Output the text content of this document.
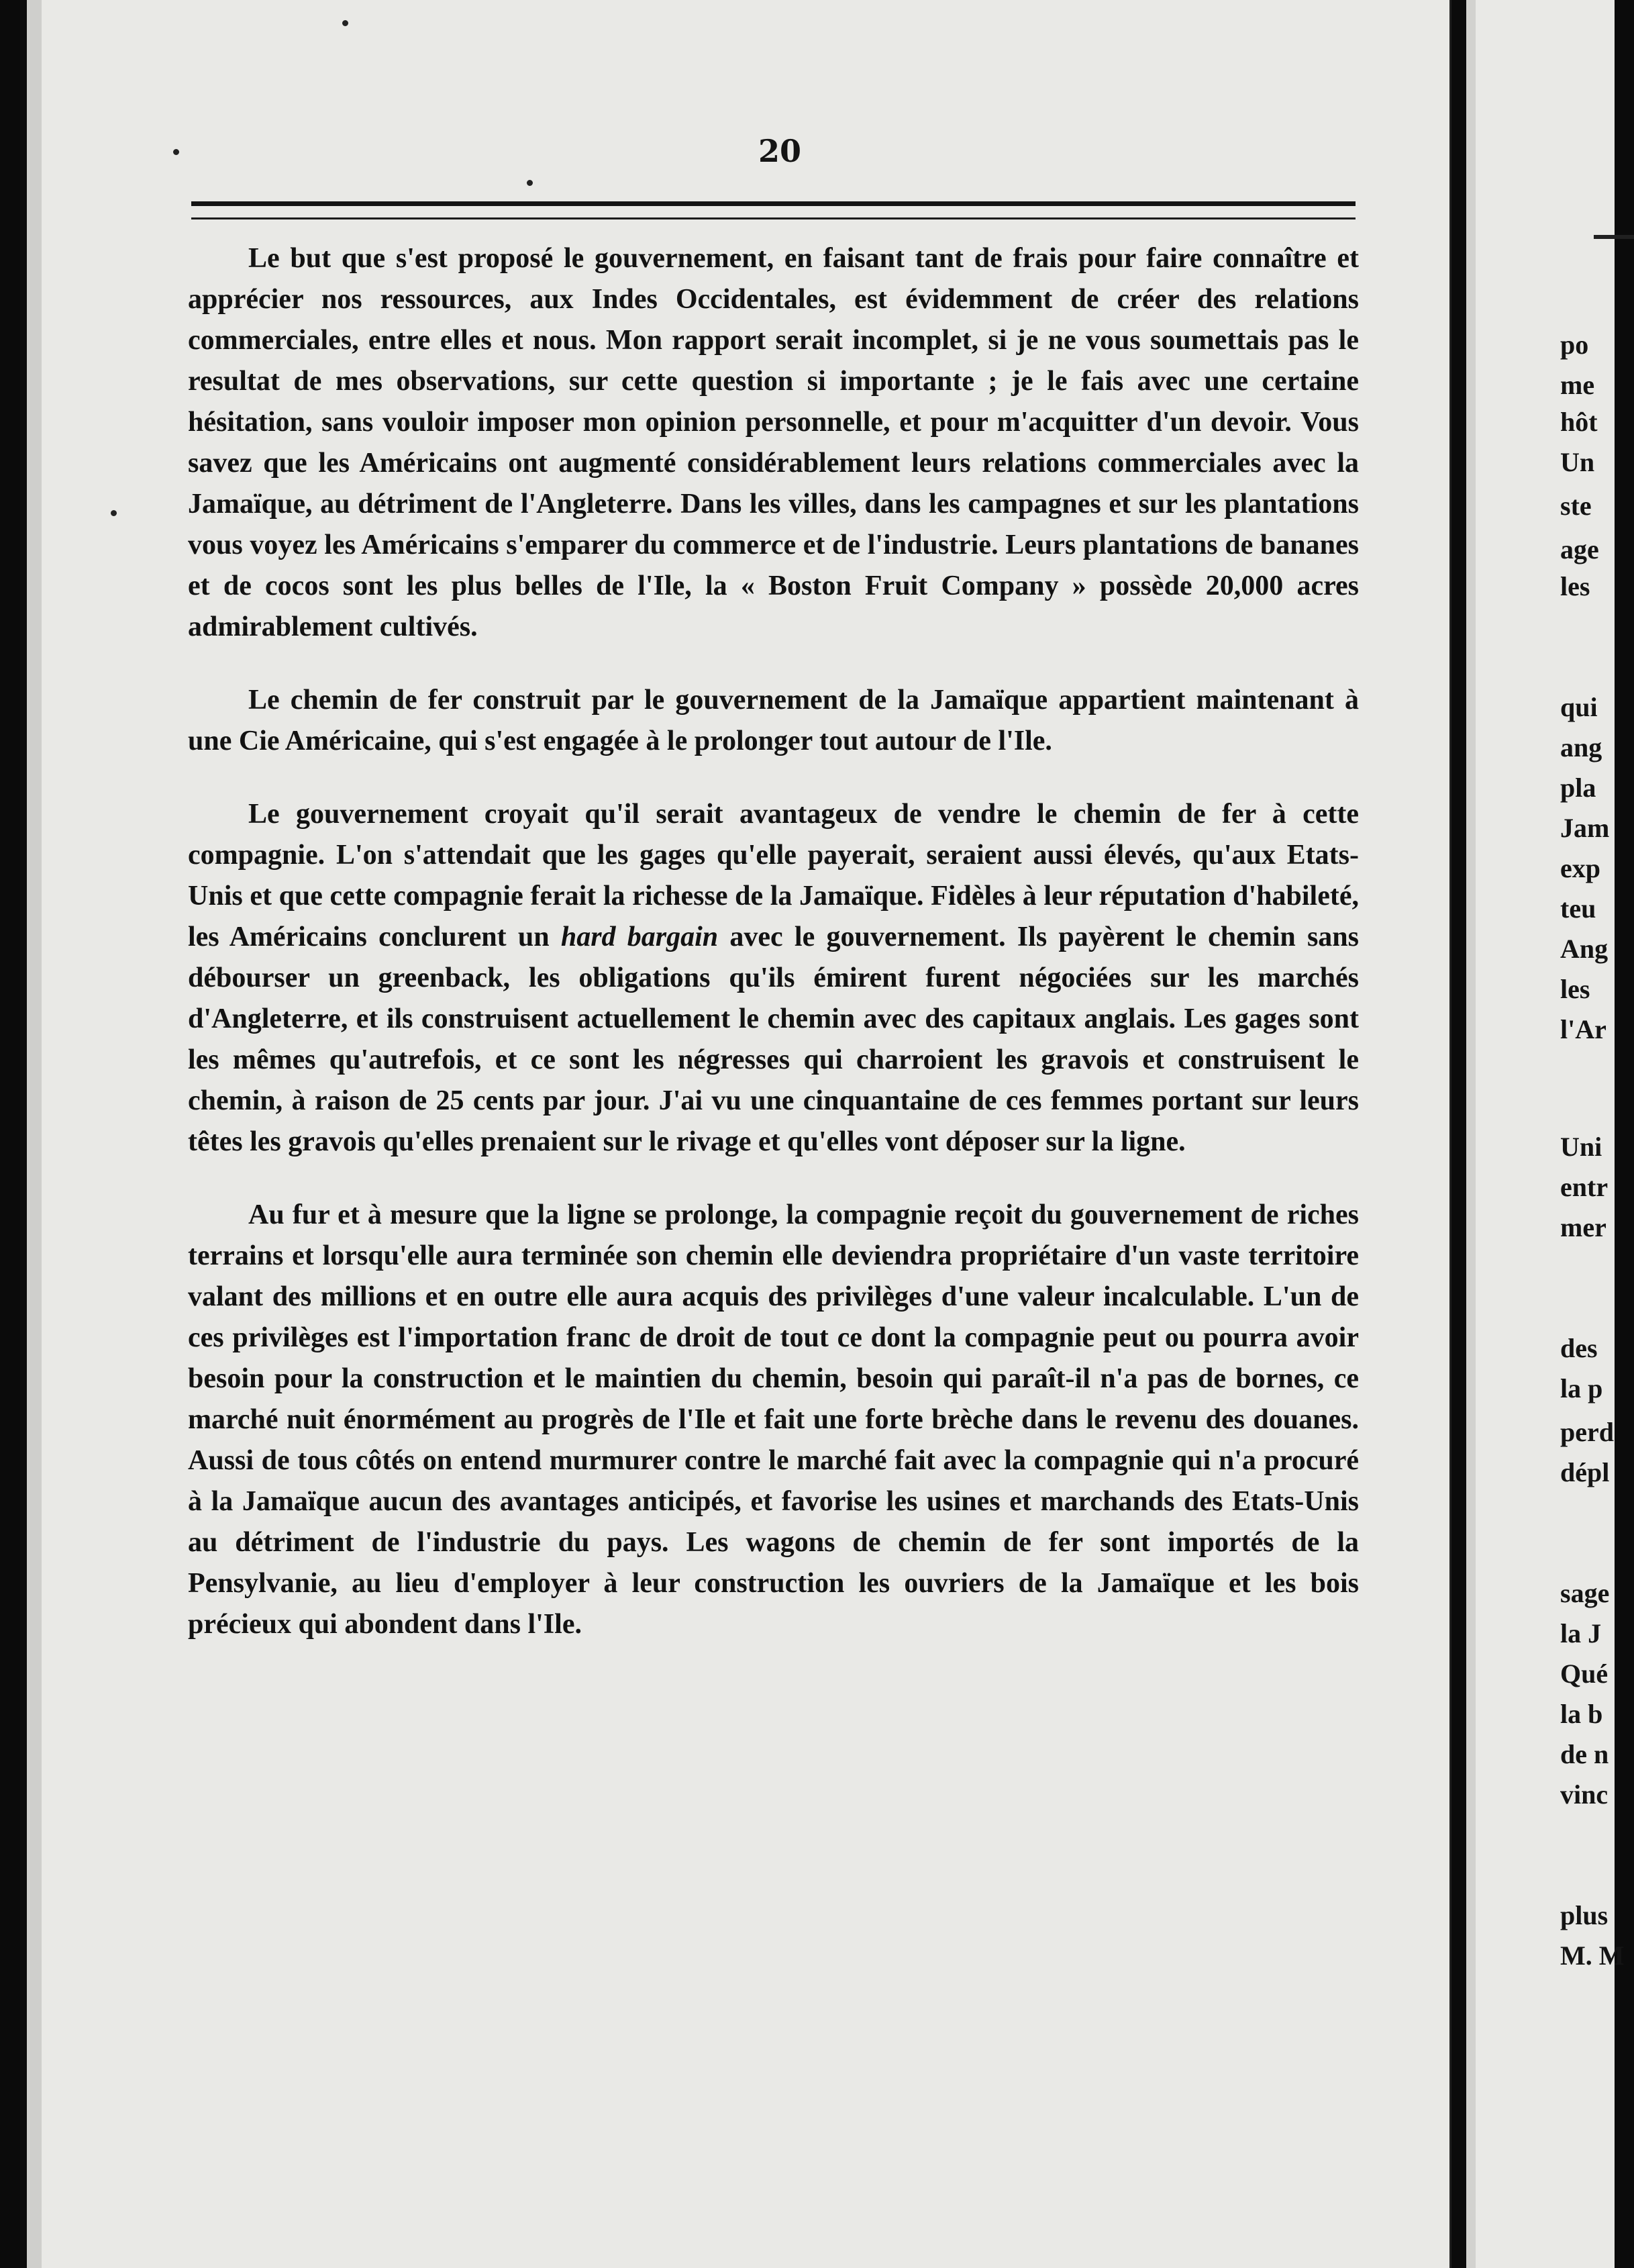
20

Le but que s'est proposé le gouvernement, en faisant tant de frais pour faire connaître et apprécier nos ressources, aux Indes Occidentales, est évidemment de créer des relations commerciales, entre elles et nous. Mon rapport serait incomplet, si je ne vous soumettais pas le resultat de mes observations, sur cette question si importante ; je le fais avec une certaine hésitation, sans vouloir imposer mon opinion personnelle, et pour m'acquitter d'un devoir. Vous savez que les Américains ont augmenté considérablement leurs relations commerciales avec la Jamaïque, au détriment de l'Angleterre. Dans les villes, dans les campagnes et sur les plantations vous voyez les Américains s'emparer du commerce et de l'industrie. Leurs plantations de bananes et de cocos sont les plus belles de l'Ile, la « Boston Fruit Company » possède 20,000 acres admirablement cultivés.

Le chemin de fer construit par le gouvernement de la Jamaïque appartient maintenant à une Cie Américaine, qui s'est engagée à le prolonger tout autour de l'Ile.

Le gouvernement croyait qu'il serait avantageux de vendre le chemin de fer à cette compagnie. L'on s'attendait que les gages qu'elle payerait, seraient aussi élevés, qu'aux Etats-Unis et que cette compagnie ferait la richesse de la Jamaïque. Fidèles à leur réputation d'habileté, les Américains conclurent un hard bargain avec le gouvernement. Ils payèrent le chemin sans débourser un greenback, les obligations qu'ils émirent furent négociées sur les marchés d'Angleterre, et ils construisent actuellement le chemin avec des capitaux anglais. Les gages sont les mêmes qu'autrefois, et ce sont les négresses qui charroient les gravois et construisent le chemin, à raison de 25 cents par jour. J'ai vu une cinquantaine de ces femmes portant sur leurs têtes les gravois qu'elles prenaient sur le rivage et qu'elles vont déposer sur la ligne.

Au fur et à mesure que la ligne se prolonge, la compagnie reçoit du gouvernement de riches terrains et lorsqu'elle aura terminée son chemin elle deviendra propriétaire d'un vaste territoire valant des millions et en outre elle aura acquis des privilèges d'une valeur incalculable. L'un de ces privilèges est l'importation franc de droit de tout ce dont la compagnie peut ou pourra avoir besoin pour la construction et le maintien du chemin, besoin qui paraît-il n'a pas de bornes, ce marché nuit énormément au progrès de l'Ile et fait une forte brèche dans le revenu des douanes. Aussi de tous côtés on entend murmurer contre le marché fait avec la compagnie qui n'a procuré à la Jamaïque aucun des avantages anticipés, et favorise les usines et marchands des Etats-Unis au détriment de l'industrie du pays. Les wagons de chemin de fer sont importés de la Pensylvanie, au lieu d'employer à leur construction les ouvriers de la Jamaïque et les bois précieux qui abondent dans l'Ile.

po
me
hôt
Un
ste
age
les
qui
ang
pla
Jam
exp
teu
Ang
les
l'Ar
Uni
entr
mer
des
la p
perd
dépl
sage
la J
Qué
la b
de n
vinc
plus
M. M
